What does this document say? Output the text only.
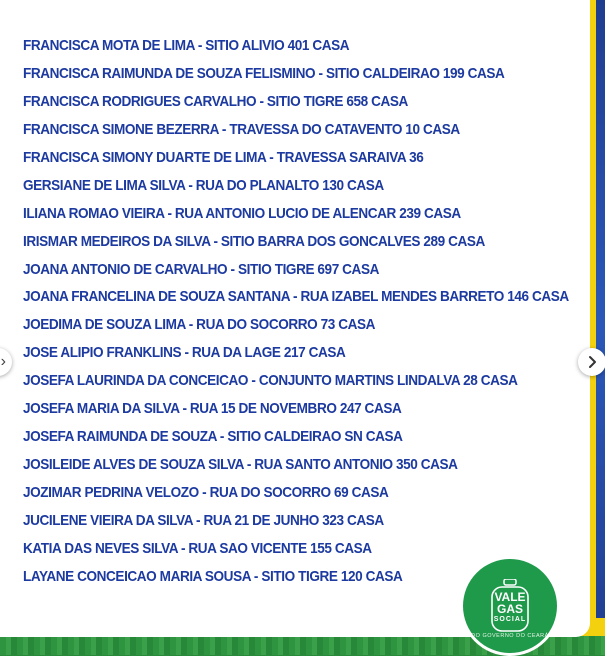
FRANCISCA MOTA DE LIMA - SITIO ALIVIO 401 CASA
FRANCISCA RAIMUNDA DE SOUZA FELISMINO - SITIO CALDEIRAO 199 CASA
FRANCISCA RODRIGUES CARVALHO - SITIO TIGRE 658 CASA
FRANCISCA SIMONE BEZERRA - TRAVESSA DO CATAVENTO 10 CASA
FRANCISCA SIMONY DUARTE DE LIMA - TRAVESSA SARAIVA 36
GERSIANE DE LIMA SILVA - RUA DO PLANALTO 130 CASA
ILIANA ROMAO VIEIRA - RUA ANTONIO LUCIO DE ALENCAR 239 CASA
IRISMAR MEDEIROS DA SILVA - SITIO BARRA DOS GONCALVES 289 CASA
JOANA ANTONIO DE CARVALHO - SITIO TIGRE 697 CASA
JOANA FRANCELINA DE SOUZA SANTANA - RUA IZABEL MENDES BARRETO 146 CASA
JOEDIMA DE SOUZA LIMA - RUA DO SOCORRO 73 CASA
JOSE ALIPIO FRANKLINS - RUA DA LAGE 217 CASA
JOSEFA LAURINDA DA CONCEICAO - CONJUNTO MARTINS LINDALVA 28 CASA
JOSEFA MARIA DA SILVA - RUA 15 DE NOVEMBRO 247 CASA
JOSEFA RAIMUNDA DE SOUZA - SITIO CALDEIRAO SN CASA
JOSILEIDE ALVES DE SOUZA SILVA - RUA SANTO ANTONIO 350 CASA
JOZIMAR PEDRINA VELOZO - RUA DO SOCORRO 69 CASA
JUCILENE VIEIRA DA SILVA - RUA 21 DE JUNHO 323 CASA
KATIA DAS NEVES SILVA - RUA SAO VICENTE 155 CASA
LAYANE CONCEICAO MARIA SOUSA - SITIO TIGRE 120 CASA
›
VALE
GAS
SOCIAL
DO GOVERNO DO CEARÁ
